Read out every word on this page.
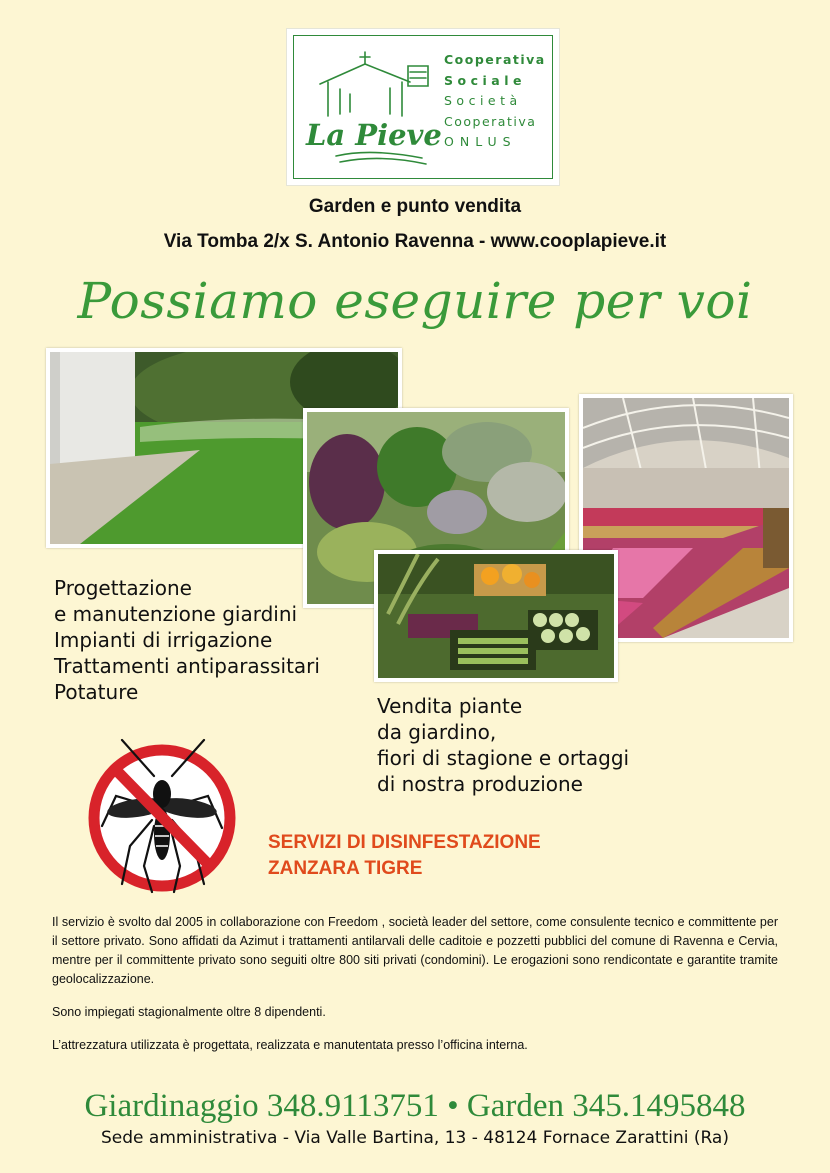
La Pieve
Cooperativa
Sociale
Società
Cooperativa
ONLUS
Garden e punto vendita
Via Tomba 2/x S. Antonio Ravenna - www.cooplapieve.it
Possiamo eseguire per voi
Progettazione
e manutenzione giardini
Impianti di irrigazione
Trattamenti antiparassitari
Potature
Vendita piante
da giardino,
fiori di stagione e ortaggi
di nostra produzione
SERVIZI DI DISINFESTAZIONE
ZANZARA TIGRE

Il servizio è svolto dal 2005 in collaborazione con Freedom , società leader del settore, come consulente tecnico e committente per il settore privato. Sono affidati da Azimut i trattamenti antilarvali delle caditoie e pozzetti pubblici del comune di Ravenna e Cervia, mentre per il committente privato sono seguiti oltre 800 siti privati (condomini). Le erogazioni sono rendicontate e garantite tramite geolocalizzazione.

Sono impiegati stagionalmente oltre 8 dipendenti.

L’attrezzatura utilizzata è progettata, realizzata e manutentata presso l’officina interna.

Giardinaggio 348.9113751 • Garden 345.1495848
Sede amministrativa - Via Valle Bartina, 13 - 48124 Fornace Zarattini (Ra)
